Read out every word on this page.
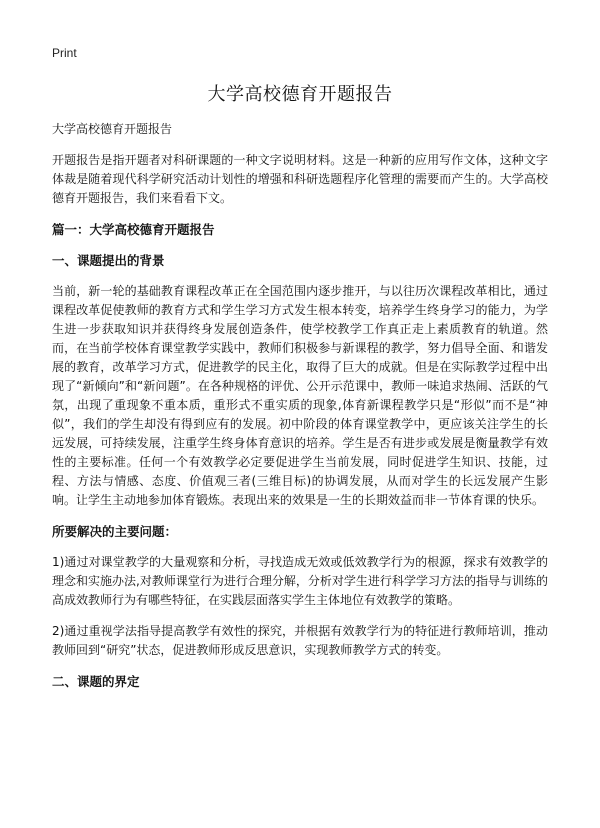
Print
大学高校德育开题报告

大学高校德育开题报告

开题报告是指开题者对科研课题的一种文字说明材料。这是一种新的应用写作文体，这种文字体裁是随着现代科学研究活动计划性的增强和科研选题程序化管理的需要而产生的。大学高校德育开题报告，我们来看看下文。

篇一：大学高校德育开题报告

一、课题提出的背景

当前，新一轮的基础教育课程改革正在全国范围内逐步推开，与以往历次课程改革相比，通过课程改革促使教师的教育方式和学生学习方式发生根本转变，培养学生终身学习的能力，为学生进一步获取知识并获得终身发展创造条件，使学校教学工作真正走上素质教育的轨道。然而，在当前学校体育课堂教学实践中，教师们积极参与新课程的教学，努力倡导全面、和谐发展的教育，改革学习方式，促进教学的民主化，取得了巨大的成就。但是在实际教学过程中出现了“新倾向”和“新问题”。在各种规格的评优、公开示范课中，教师一味追求热闹、活跃的气氛，出现了重现象不重本质，重形式不重实质的现象,体育新课程教学只是“形似”而不是“神似”，我们的学生却没有得到应有的发展。初中阶段的体育课堂教学中，更应该关注学生的长远发展，可持续发展，注重学生终身体育意识的培养。学生是否有进步或发展是衡量教学有效性的主要标准。任何一个有效教学必定要促进学生当前发展，同时促进学生知识、技能，过程、方法与情感、态度、价值观三者(三维目标)的协调发展，从而对学生的长远发展产生影响。让学生主动地参加体育锻炼。表现出来的效果是一生的长期效益而非一节体育课的快乐。

所要解决的主要问题：

1)通过对课堂教学的大量观察和分析，寻找造成无效或低效教学行为的根源，探求有效教学的理念和实施办法,对教师课堂行为进行合理分解，分析对学生进行科学学习方法的指导与训练的高成效教师行为有哪些特征，在实践层面落实学生主体地位有效教学的策略。

2)通过重视学法指导提高教学有效性的探究，并根据有效教学行为的特征进行教师培训，推动教师回到“研究”状态，促进教师形成反思意识，实现教师教学方式的转变。

二、课题的界定
